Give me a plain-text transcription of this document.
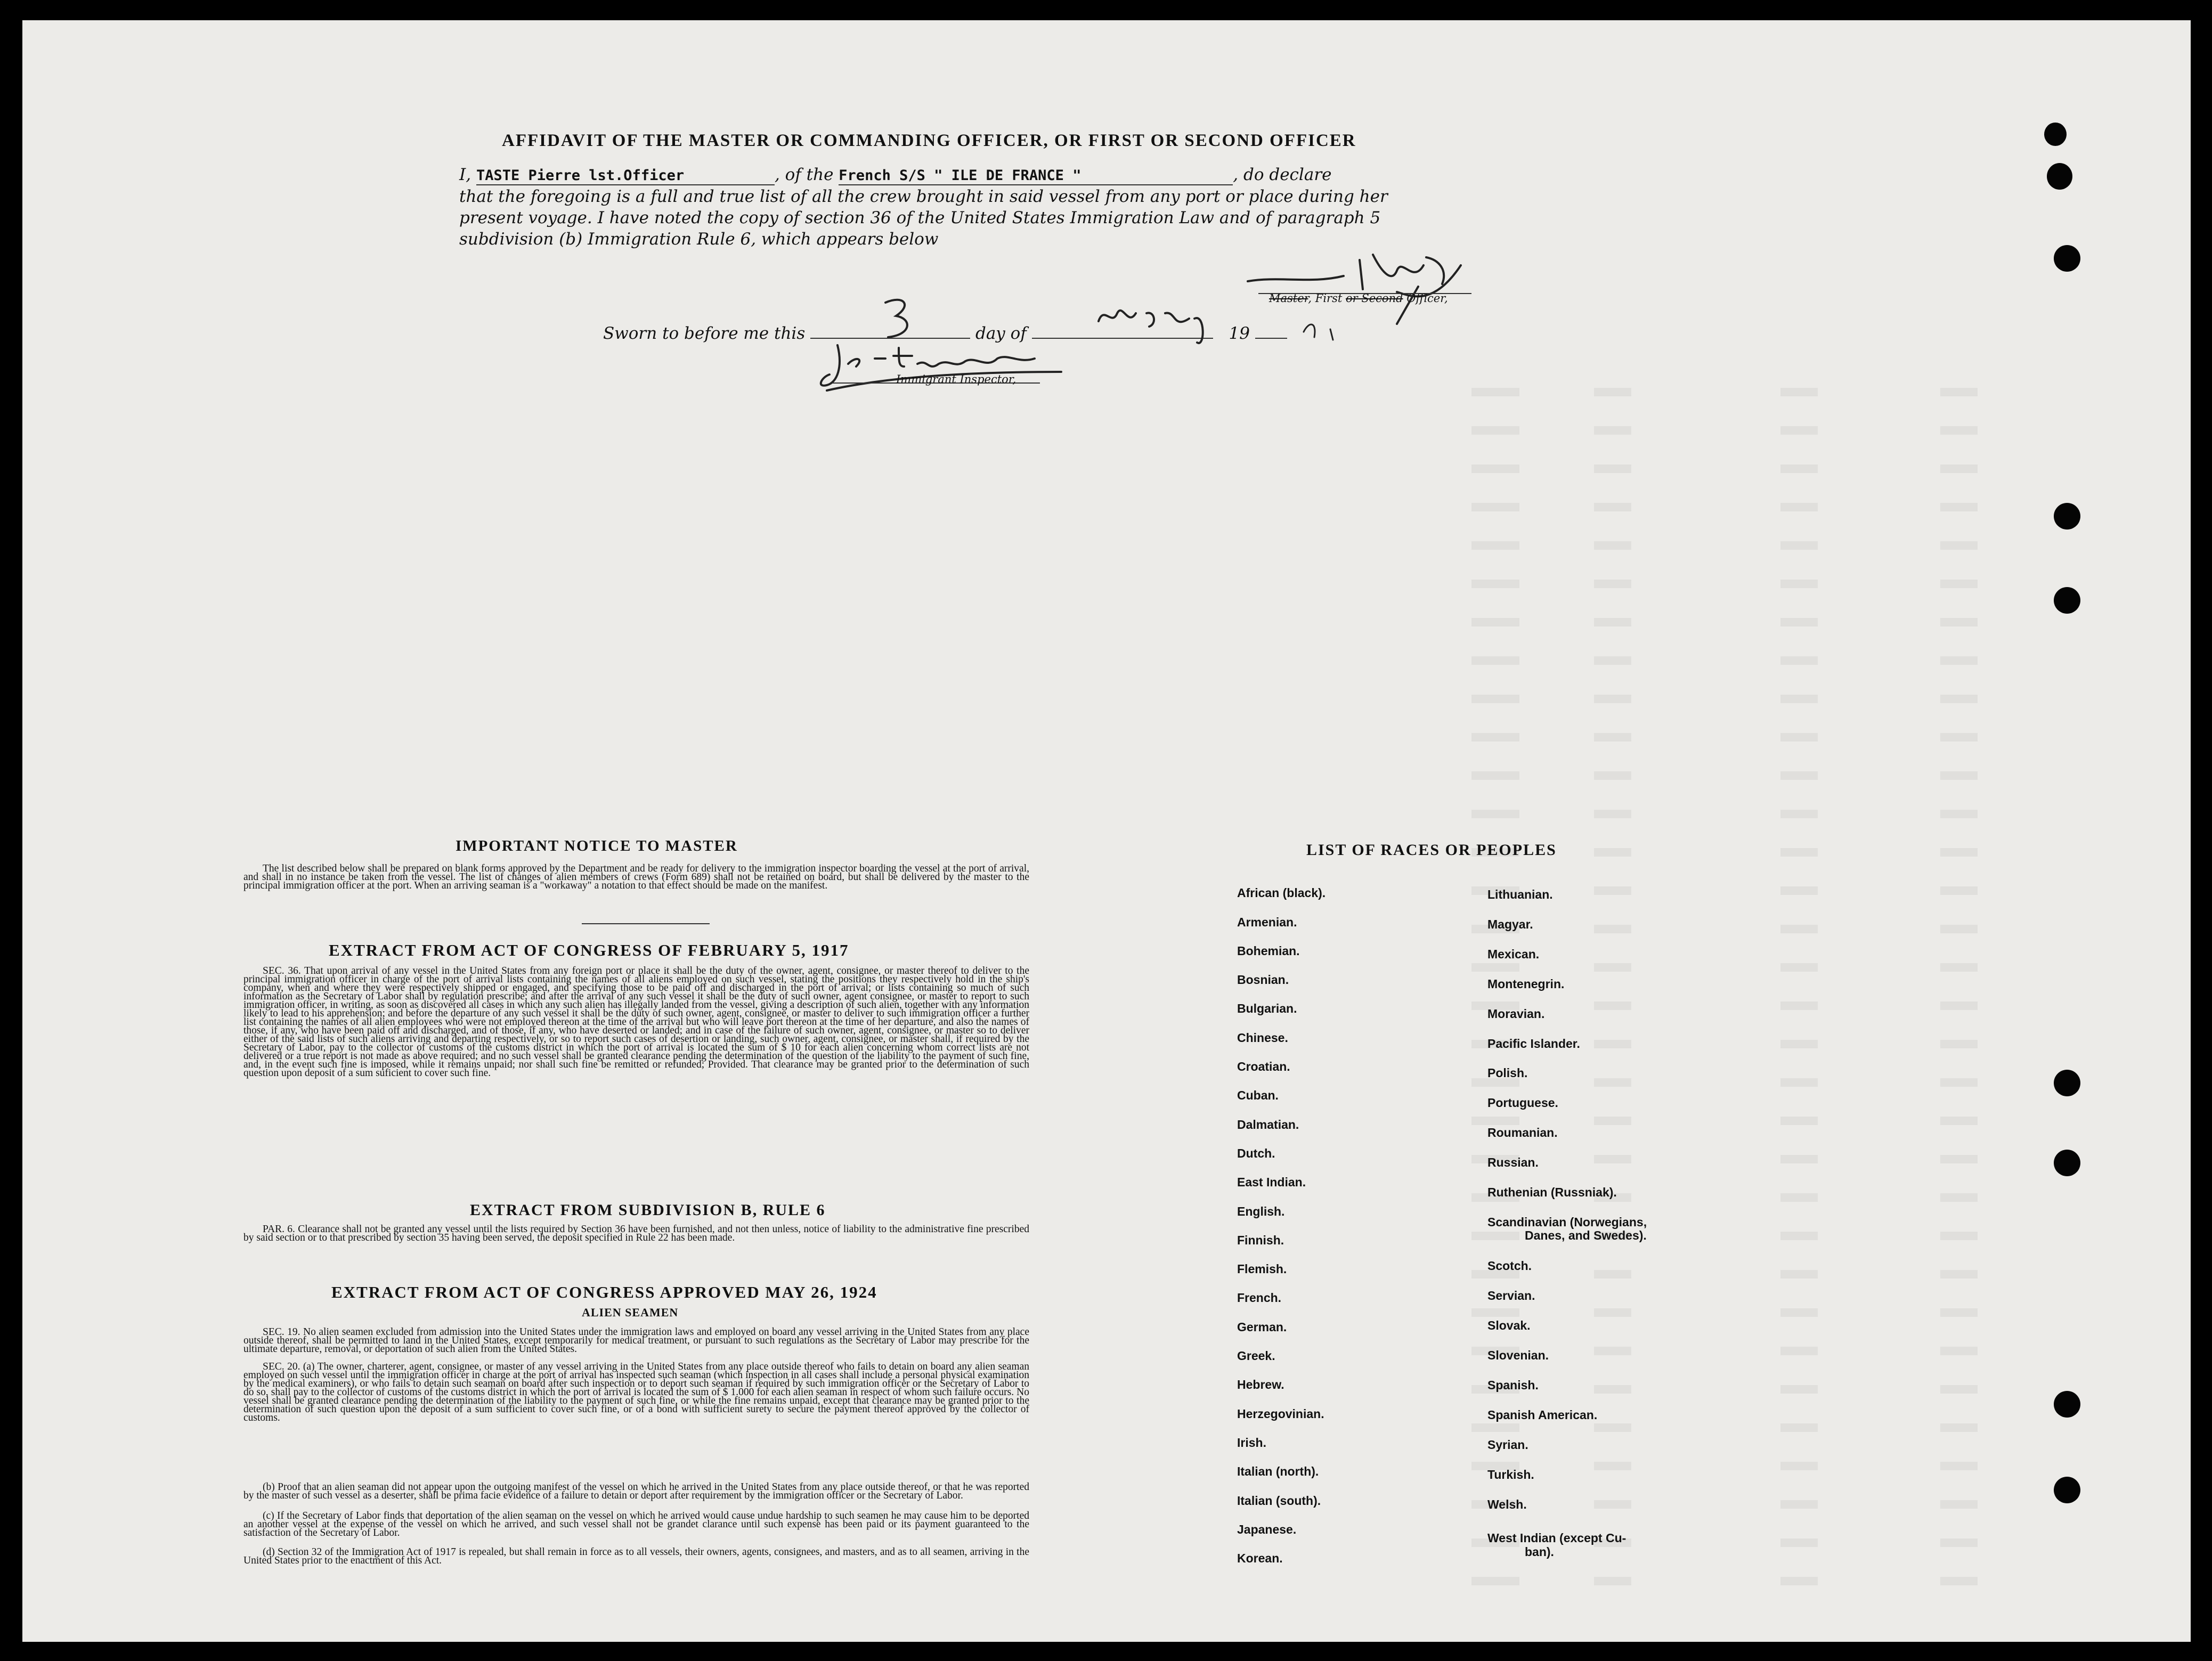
AFFIDAVIT OF THE MASTER OR COMMANDING OFFICER, OR FIRST OR SECOND OFFICER
I, TASTE Pierre lst.Officer	, of the French S/S " ILE DE FRANCE "	, do declare
that the foregoing is a full and true list of all the crew brought in said vessel from any port or place during her
present voyage. I have noted the copy of section 36 of the United States Immigration Law and of paragraph 5
subdivision (b) Immigration Rule 6, which appears below
Master, First or Second Officer,
Sworn to before me this	day of	19
Immigrant Inspector,
IMPORTANT NOTICE TO MASTER

The list described below shall be prepared on blank forms approved by the Department and be ready for delivery to the immigration inspector boarding the vessel at the port of arrival, and shall in no instance be taken from the vessel. The list of changes of alien members of crews (Form 689) shall not be retained on board, but shall be delivered by the master to the principal immigration officer at the port. When an arriving seaman is a "workaway" a notation to that effect should be made on the manifest.

EXTRACT FROM ACT OF CONGRESS OF FEBRUARY 5, 1917

SEC. 36. That upon arrival of any vessel in the United States from any foreign port or place it shall be the duty of the owner, agent, consignee, or master thereof to deliver to the principal immigration officer in charge of the port of arrival lists containing the names of all aliens employed on such vessel, stating the positions they respectively hold in the ship's company, when and where they were respectively shipped or engaged, and specifying those to be paid off and discharged in the port of arrival; or lists containing so much of such information as the Secretary of Labor shall by regulation prescribe; and after the arrival of any such vessel it shall be the duty of such owner, agent consignee, or master to report to such immigration officer, in writing, as soon as discovered all cases in which any such alien has illegally landed from the vessel, giving a description of such alien, together with any information likely to lead to his apprehension; and before the departure of any such vessel it shall be the duty of such owner, agent, consignee, or master to deliver to such immigration officer a further list containing the names of all alien employees who were not employed thereon at the time of the arrival but who will leave port thereon at the time of her departure, and also the names of those, if any, who have been paid off and discharged, and of those, if any, who have deserted or landed; and in case of the failure of such owner, agent, consignee, or master so to deliver either of the said lists of such aliens arriving and departing respectively, or so to report such cases of desertion or landing, such owner, agent, consignee, or master shall, if required by the Secretary of Labor, pay to the collector of customs of the customs district in which the port of arrival is located the sum of $ 10 for each alien concerning whom correct lists are not delivered or a true report is not made as above required; and no such vessel shall be granted clearance pending the determination of the question of the liability to the payment of such fine, and, in the event such fine is imposed, while it remains unpaid; nor shall such fine be remitted or refunded; Provided. That clearance may be granted prior to the determination of such question upon deposit of a sum suficient to cover such fine.

EXTRACT FROM SUBDIVISION B, RULE 6

PAR. 6. Clearance shall not be granted any vessel until the lists required by Section 36 have been furnished, and not then unless, notice of liability to the administrative fine prescribed by said section or to that prescribed by section 35 having been served, the deposit specified in Rule 22 has been made.

EXTRACT FROM ACT OF CONGRESS APPROVED MAY 26, 1924
ALIEN SEAMEN

SEC. 19. No alien seamen excluded from admission into the United States under the immigration laws and employed on board any vessel arriving in the United States from any place outside thereof, shall be permitted to land in the United States, except temporarily for medical treatment, or pursuant to such regulations as the Secretary of Labor may prescribe for the ultimate departure, removal, or deportation of such alien from the United States.

SEC. 20. (a) The owner, charterer, agent, consignee, or master of any vessel arriving in the United States from any place outside thereof who fails to detain on board any alien seaman employed on such vessel until the immigration officer in charge at the port of arrival has inspected such seaman (which inspection in all cases shall include a personal physical examination by the medical examiners), or who fails to detain such seaman on board after such inspection or to deport such seaman if required by such immigration officer or the Secretary of Labor to do so, shall pay to the collector of customs of the customs district in which the port of arrival is located the sum of $ 1.000 for each alien seaman in respect of whom such failure occurs. No vessel shall be granted clearance pending the determination of the liability to the payment of such fine, or while the fine remains unpaid, except that clearance may be granted prior to the determination of such question upon the deposit of a sum sufficient to cover such fine, or of a bond with sufficient surety to secure the payment thereof approved by the collector of customs.

(b) Proof that an alien seaman did not appear upon the outgoing manifest of the vessel on which he arrived in the United States from any place outside thereof, or that he was reported by the master of such vessel as a deserter, shall be prima facie evidence of a failure to detain or deport after requirement by the immigration officer or the Secretary of Labor.

(c) If the Secretary of Labor finds that deportation of the alien seaman on the vessel on which he arrived would cause undue hardship to such seamen he may cause him to be deported an another vessel at the expense of the vessel on which he arrived, and such vessel shall not be grandet clarance until such expense has been paid or its payment guaranteed to the satisfaction of the Secretary of Labor.

(d) Section 32 of the Immigration Act of 1917 is repealed, but shall remain in force as to all vessels, their owners, agents, consignees, and masters, and as to all seamen, arriving in the United States prior to the enactment of this Act.

LIST OF RACES OR PEOPLES
African (black).
Armenian.
Bohemian.
Bosnian.
Bulgarian.
Chinese.
Croatian.
Cuban.
Dalmatian.
Dutch.
East Indian.
English.
Finnish.
Flemish.
French.
German.
Greek.
Hebrew.
Herzegovinian.
Irish.
Italian (north).
Italian (south).
Japanese.
Korean.
Lithuanian.
Magyar.
Mexican.
Montenegrin.
Moravian.
Pacific Islander.
Polish.
Portuguese.
Roumanian.
Russian.
Ruthenian (Russniak).
Scandinavian (Norwegians,
Danes, and Swedes).
Scotch.
Servian.
Slovak.
Slovenian.
Spanish.
Spanish American.
Syrian.
Turkish.
Welsh.
West Indian (except Cu-
ban).
